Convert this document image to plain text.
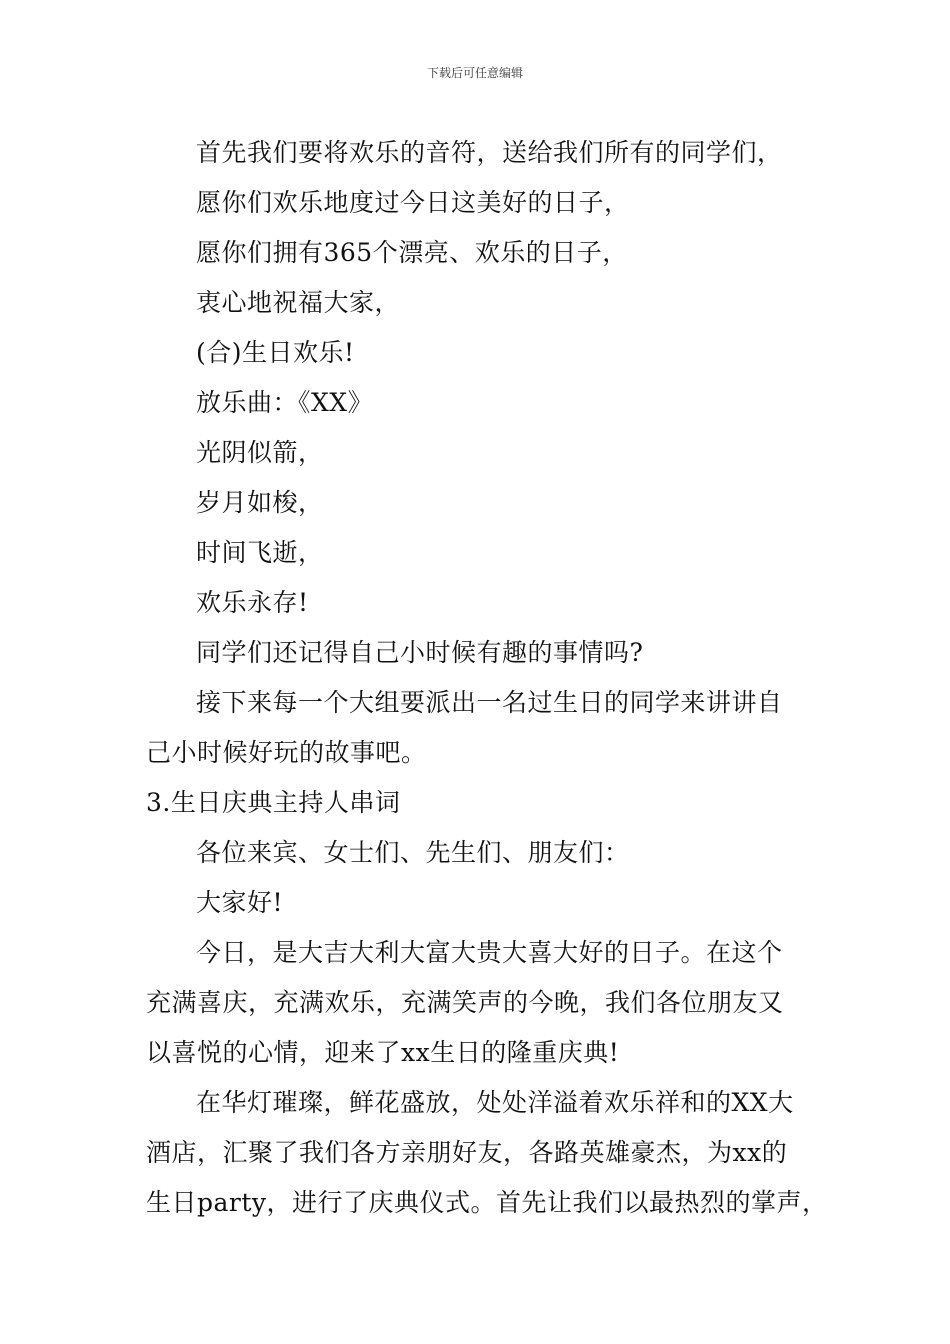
下载后可任意编辑
首先我们要将欢乐的音符，送给我们所有的同学们，
愿你们欢乐地度过今日这美好的日子，
愿你们拥有365个漂亮、欢乐的日子，
衷心地祝福大家，
(合)生日欢乐!
放乐曲：《XX》
光阴似箭，
岁月如梭，
时间飞逝，
欢乐永存!
同学们还记得自己小时候有趣的事情吗?
接下来每一个大组要派出一名过生日的同学来讲讲自
己小时候好玩的故事吧。
3.生日庆典主持人串词
各位来宾、女士们、先生们、朋友们：
大家好!
今日，是大吉大利大富大贵大喜大好的日子。在这个
充满喜庆，充满欢乐，充满笑声的今晚，我们各位朋友又
以喜悦的心情，迎来了xx生日的隆重庆典!
在华灯璀璨，鲜花盛放，处处洋溢着欢乐祥和的XX大
酒店，汇聚了我们各方亲朋好友，各路英雄豪杰，为xx的
生日party，进行了庆典仪式。首先让我们以最热烈的掌声，
